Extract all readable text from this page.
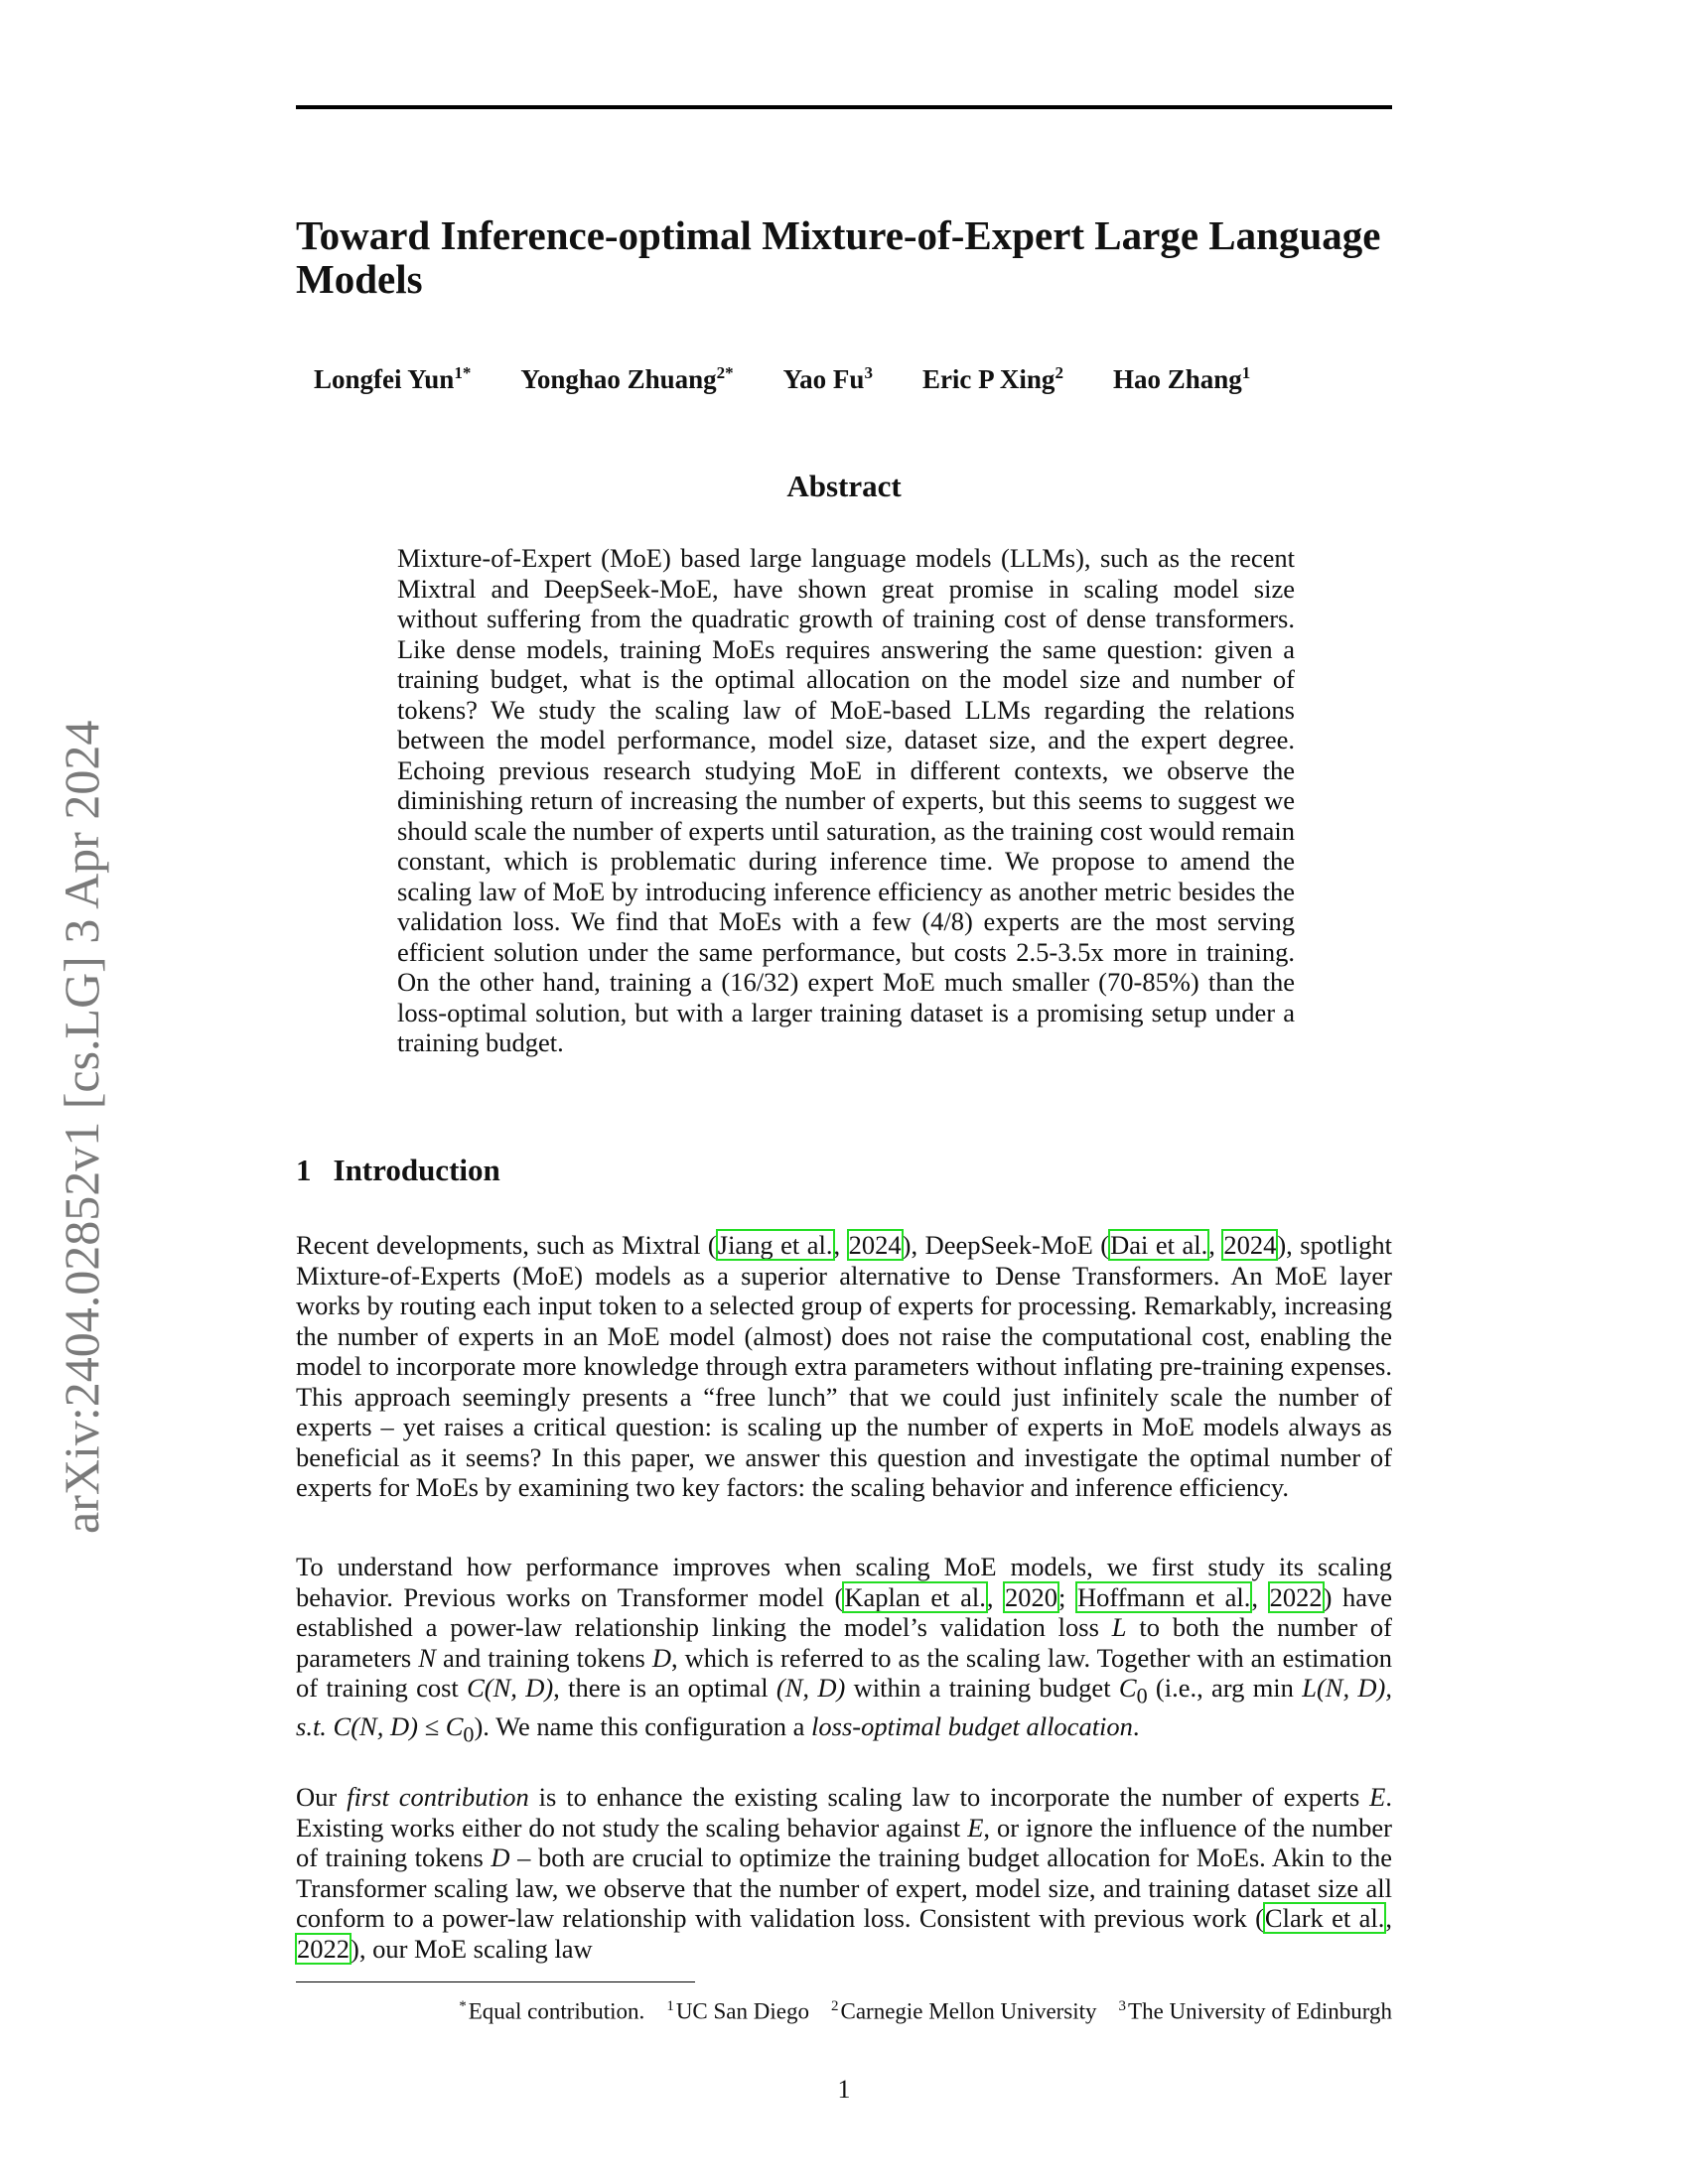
arXiv:2404.02852v1 [cs.LG] 3 Apr 2024
Toward Inference-optimal Mixture-of-Expert Large Language Models
Longfei Yun$^{1*}$ Yonghao Zhuang$^{2*}$ Yao Fu$^3$ Eric P Xing$^2$ Hao Zhang$^1$
Abstract

Mixture-of-Expert (MoE) based large language models (LLMs), such as the recent Mixtral and DeepSeek-MoE, have shown great promise in scaling model size without suffering from the quadratic growth of training cost of dense transformers. Like dense models, training MoEs requires answering the same question: given a training budget, what is the optimal allocation on the model size and number of tokens? We study the scaling law of MoE-based LLMs regarding the relations between the model performance, model size, dataset size, and the expert degree. Echoing previous research studying MoE in different contexts, we observe the diminishing return of increasing the number of experts, but this seems to suggest we should scale the number of experts until saturation, as the training cost would remain constant, which is problematic during inference time. We propose to amend the scaling law of MoE by introducing inference efficiency as another metric besides the validation loss. We find that MoEs with a few (4/8) experts are the most serving efficient solution under the same performance, but costs 2.5-3.5x more in training. On the other hand, training a (16/32) expert MoE much smaller (70-85%) than the loss-optimal solution, but with a larger training dataset is a promising setup under a training budget.

1 Introduction

Recent developments, such as Mixtral (Jiang et al., 2024), DeepSeek-MoE (Dai et al., 2024), spotlight Mixture-of-Experts (MoE) models as a superior alternative to Dense Transformers. An MoE layer works by routing each input token to a selected group of experts for processing. Remarkably, increasing the number of experts in an MoE model (almost) does not raise the computational cost, enabling the model to incorporate more knowledge through extra parameters without inflating pre-training expenses. This approach seemingly presents a “free lunch” that we could just infinitely scale the number of experts – yet raises a critical question: is scaling up the number of experts in MoE models always as beneficial as it seems? In this paper, we answer this question and investigate the optimal number of experts for MoEs by examining two key factors: the scaling behavior and inference efficiency.

To understand how performance improves when scaling MoE models, we first study its scaling behavior. Previous works on Transformer model (Kaplan et al., 2020; Hoffmann et al., 2022) have established a power-law relationship linking the model’s validation loss L to both the number of parameters N and training tokens D, which is referred to as the scaling law. Together with an estimation of training cost C(N, D), there is an optimal (N, D) within a training budget $C_0$ (i.e., arg min L(N, D), s.t. C(N, $D) \le C_0$). We name this configuration a loss-optimal budget allocation.

Our first contribution is to enhance the existing scaling law to incorporate the number of experts E. Existing works either do not study the scaling behavior against E, or ignore the influence of the number of training tokens D – both are crucial to optimize the training budget allocation for MoEs. Akin to the Transformer scaling law, we observe that the number of expert, model size, and training dataset size all conform to a power-law relationship with validation loss. Consistent with previous work (Clark et al., 2022), our MoE scaling law

*Equal contribution. $^1$UC San Diego $^2$Carnegie Mellon University $^3$The University of Edinburgh
1
